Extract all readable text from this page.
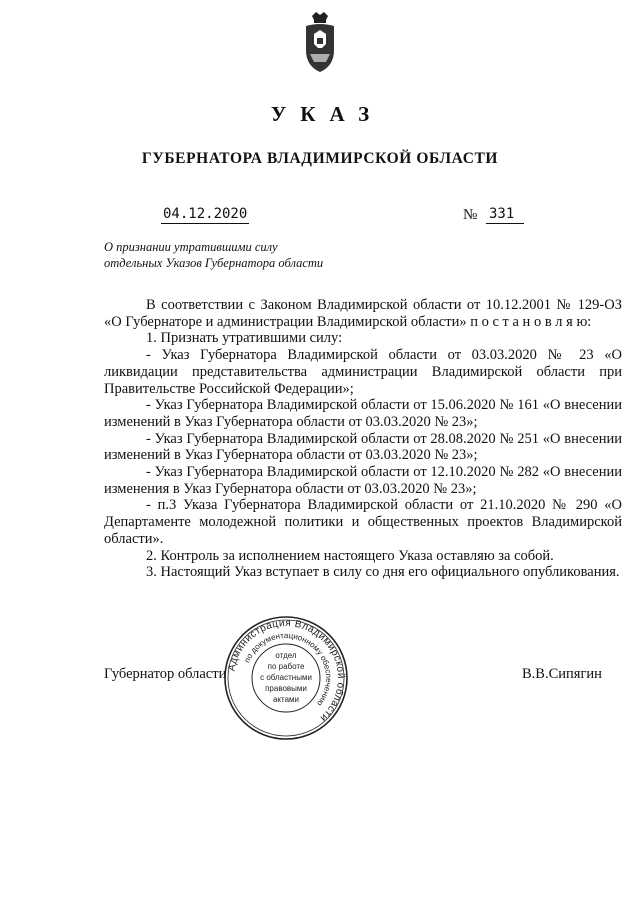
УКАЗ
ГУБЕРНАТОРА ВЛАДИМИРСКОЙ ОБЛАСТИ
04.12.2020	№ 331
О признании утратившими силу
отдельных Указов Губернатора области

В соответствии с Законом Владимирской области от 10.12.2001 № 129-ОЗ «О Губернаторе и администрации Владимирской области» п о с т а н о в л я ю:

1. Признать утратившими силу:

- Указ Губернатора Владимирской области от 03.03.2020 № 23 «О ликвидации представительства администрации Владимирской области при Правительстве Российской Федерации»;

- Указ Губернатора Владимирской области от 15.06.2020 № 161 «О внесении изменений в Указ Губернатора области от 03.03.2020 № 23»;

- Указ Губернатора Владимирской области от 28.08.2020 № 251 «О внесении изменений в Указ Губернатора области от 03.03.2020 № 23»;

- Указ Губернатора Владимирской области от 12.10.2020 № 282 «О внесении изменения в Указ Губернатора области от 03.03.2020 № 23»;

- п.3 Указа Губернатора Владимирской области от 21.10.2020 № 290 «О Департаменте молодежной политики и общественных проектов Владимирской области».

2. Контроль за исполнением настоящего Указа оставляю за собой.

3. Настоящий Указ вступает в силу со дня его официального опубликования.

Губернатор области	В.В.Сипягин
Администрация Владимирской области
по документационному обеспечению
отдел
по работе
с областными
правовыми
актами
